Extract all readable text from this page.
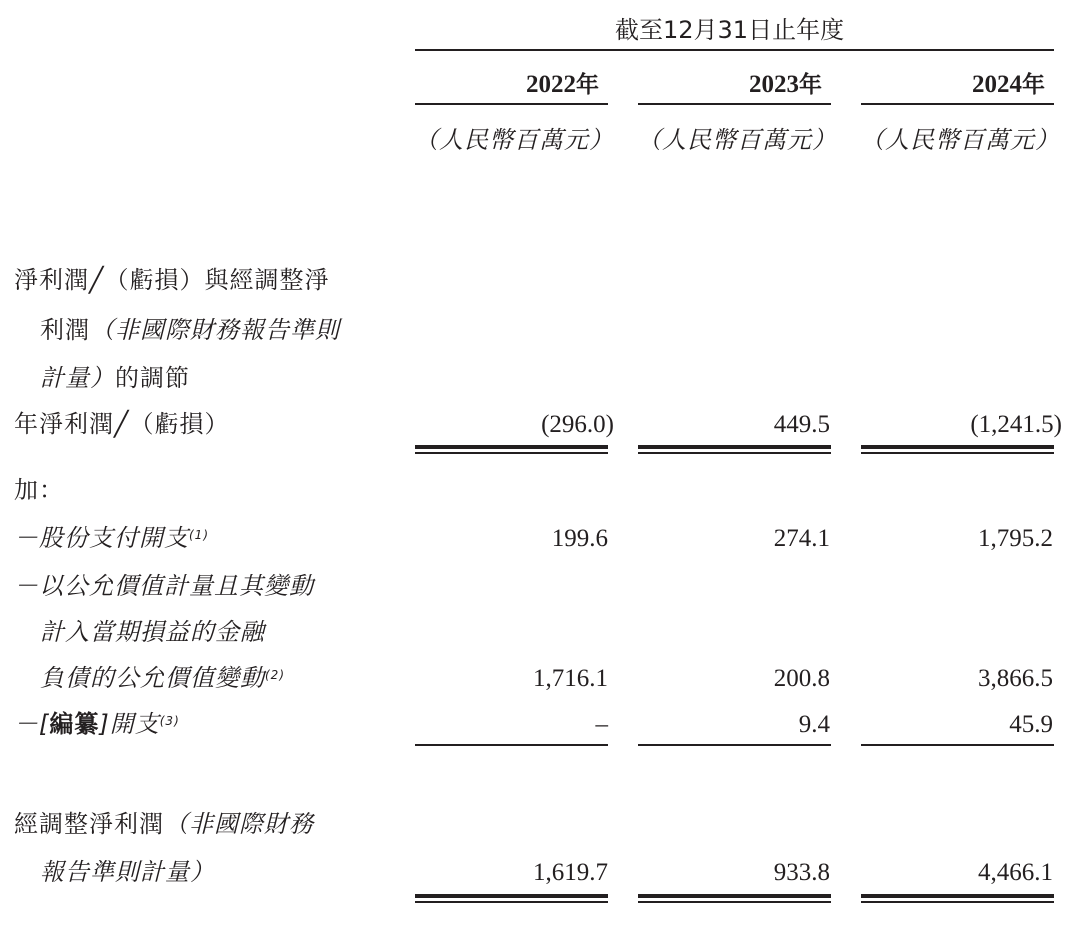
截至12月31日止年度
2022年	2023年	2024年
（人民幣百萬元） （人民幣百萬元） （人民幣百萬元）
淨利潤╱（虧損）與經調整淨
利潤（非國際財務報告準則
計量）的調節
年淨利潤╱（虧損）	(296.0)	449.5	(1,241.5)
加：
－股份支付開支$^{(1)}$	199.6	274.1	1,795.2
－以公允價值計量且其變動
計入當期損益的金融
負債的公允價值變動$^{(2)}$	1,716.1	200.8	3,866.5
－[編纂]開支$^{(3)}$	–	9.4	45.9
經調整淨利潤（非國際財務
報告準則計量）	1,619.7	933.8	4,466.1
